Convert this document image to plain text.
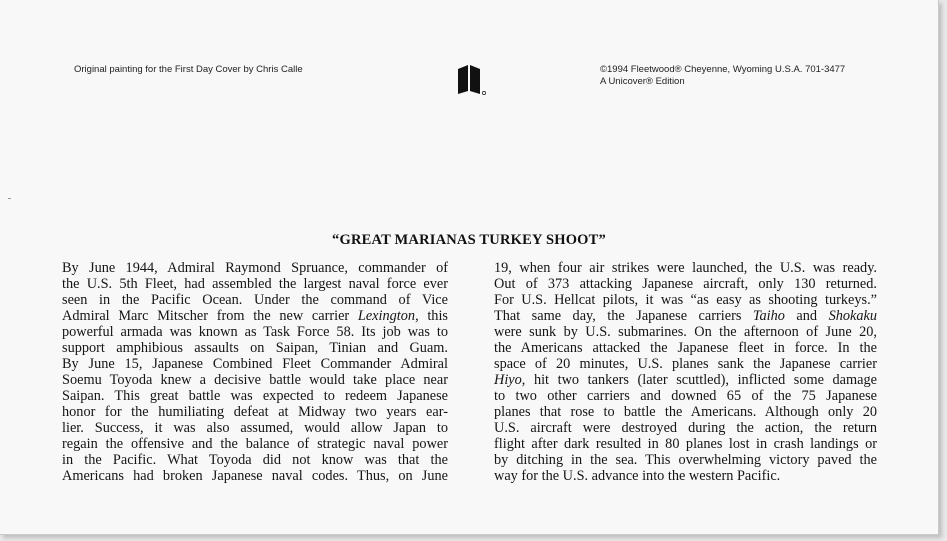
Original painting for the First Day Cover by Chris Calle	©1994 Fleetwood® Cheyenne, Wyoming U.S.A. 701-3477
A Unicover® Edition
“GREAT MARIANAS TURKEY SHOOT”
By June 1944, Admiral Raymond Spruance, commander of
the U.S. 5th Fleet, had assembled the largest naval force ever
seen in the Pacific Ocean. Under the command of Vice
Admiral Marc Mitscher from the new carrier Lexington, this
powerful armada was known as Task Force 58. Its job was to
support amphibious assaults on Saipan, Tinian and Guam.
By June 15, Japanese Combined Fleet Commander Admiral
Soemu Toyoda knew a decisive battle would take place near
Saipan. This great battle was expected to redeem Japanese
honor for the humiliating defeat at Midway two years ear-
lier. Success, it was also assumed, would allow Japan to
regain the offensive and the balance of strategic naval power
in the Pacific. What Toyoda did not know was that the
Americans had broken Japanese naval codes. Thus, on June
19, when four air strikes were launched, the U.S. was ready.
Out of 373 attacking Japanese aircraft, only 130 returned.
For U.S. Hellcat pilots, it was “as easy as shooting turkeys.”
That same day, the Japanese carriers Taiho and Shokaku
were sunk by U.S. submarines. On the afternoon of June 20,
the Americans attacked the Japanese fleet in force. In the
space of 20 minutes, U.S. planes sank the Japanese carrier
Hiyo, hit two tankers (later scuttled), inflicted some damage
to two other carriers and downed 65 of the 75 Japanese
planes that rose to battle the Americans. Although only 20
U.S. aircraft were destroyed during the action, the return
flight after dark resulted in 80 planes lost in crash landings or
by ditching in the sea. This overwhelming victory paved the
way for the U.S. advance into the western Pacific.
